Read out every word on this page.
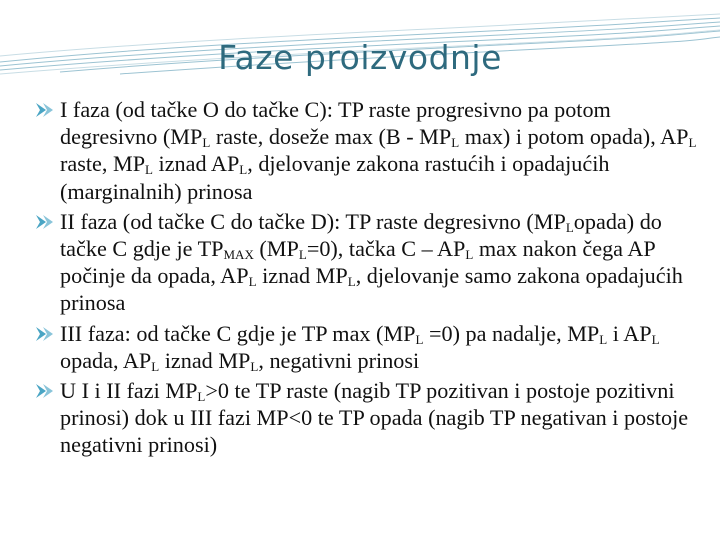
Faze proizvodnje
I faza (od tačke O do tačke C): TP raste progresivno pa potom degresivno ($MP_L$ raste, doseže $\max (B - MP_L$ max) i potom opada), $AP_L$ raste, $MP_L$ iznad $AP_L$, djelovanje zakona rastućih i opadajućih (marginalnih) prinosa
II faza (od tačke C do tačke D): TP raste degresivno $(MP_Lopada)$ do tačke C gdje je $TP_{MAX}$ $(MP_L=0)$, tačka C – $AP_L$ max nakon čega AP počinje da opada, $AP_L$ iznad $MP_L$, djelovanje samo zakona opadajućih prinosa
III faza: od tačke C gdje je TP $\max (MP_L =0)$ pa nadalje, $MP_L$ i $AP_L$ opada, $AP_L$ iznad $MP_L$, negativni prinosi
U I i II fazi $MP_L>0$ te TP raste (nagib TP pozitivan i postoje pozitivni prinosi) dok u III fazi MP<0 te TP opada (nagib TP negativan i postoje negativni prinosi)
